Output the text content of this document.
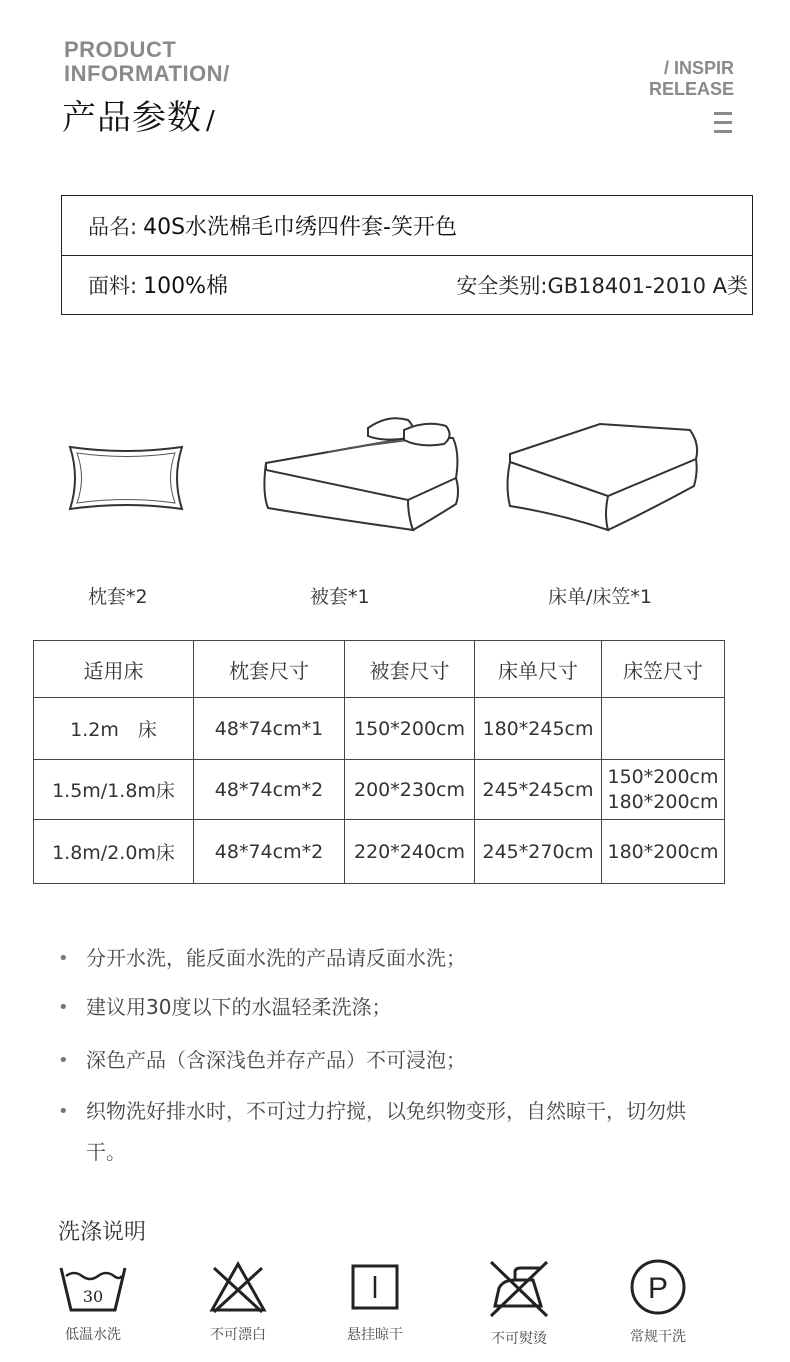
PRODUCT
INFORMATION/
产品参数 /
/ INSPIR
RELEASE
品名: 40S水洗棉毛巾绣四件套-笑开色
面料: 100%棉	安全类别:GB18401-2010 A类
枕套*2	被套*1	床单/床笠*1
适用床	枕套尺寸	被套尺寸	床单尺寸	床笠尺寸
1.2m　床	48*74cm*1	150*200cm	180*245cm	
1.5m/1.8m床	48*74cm*2	200*230cm	245*245cm	150*200cm
180*200cm

1.8m/2.0m床	48*74cm*2	220*240cm	245*270cm	180*200cm
• 分开水洗，能反面水洗的产品请反面水洗；
• 建议用30度以下的水温轻柔洗涤；
• 深色产品（含深浅色并存产品）不可浸泡；
• 织物洗好排水时，不可过力拧搅，以免织物变形，自然晾干，切勿烘干。
洗涤说明
30
低温水洗	不可漂白	悬挂晾干	不可熨烫
P
常规干洗
